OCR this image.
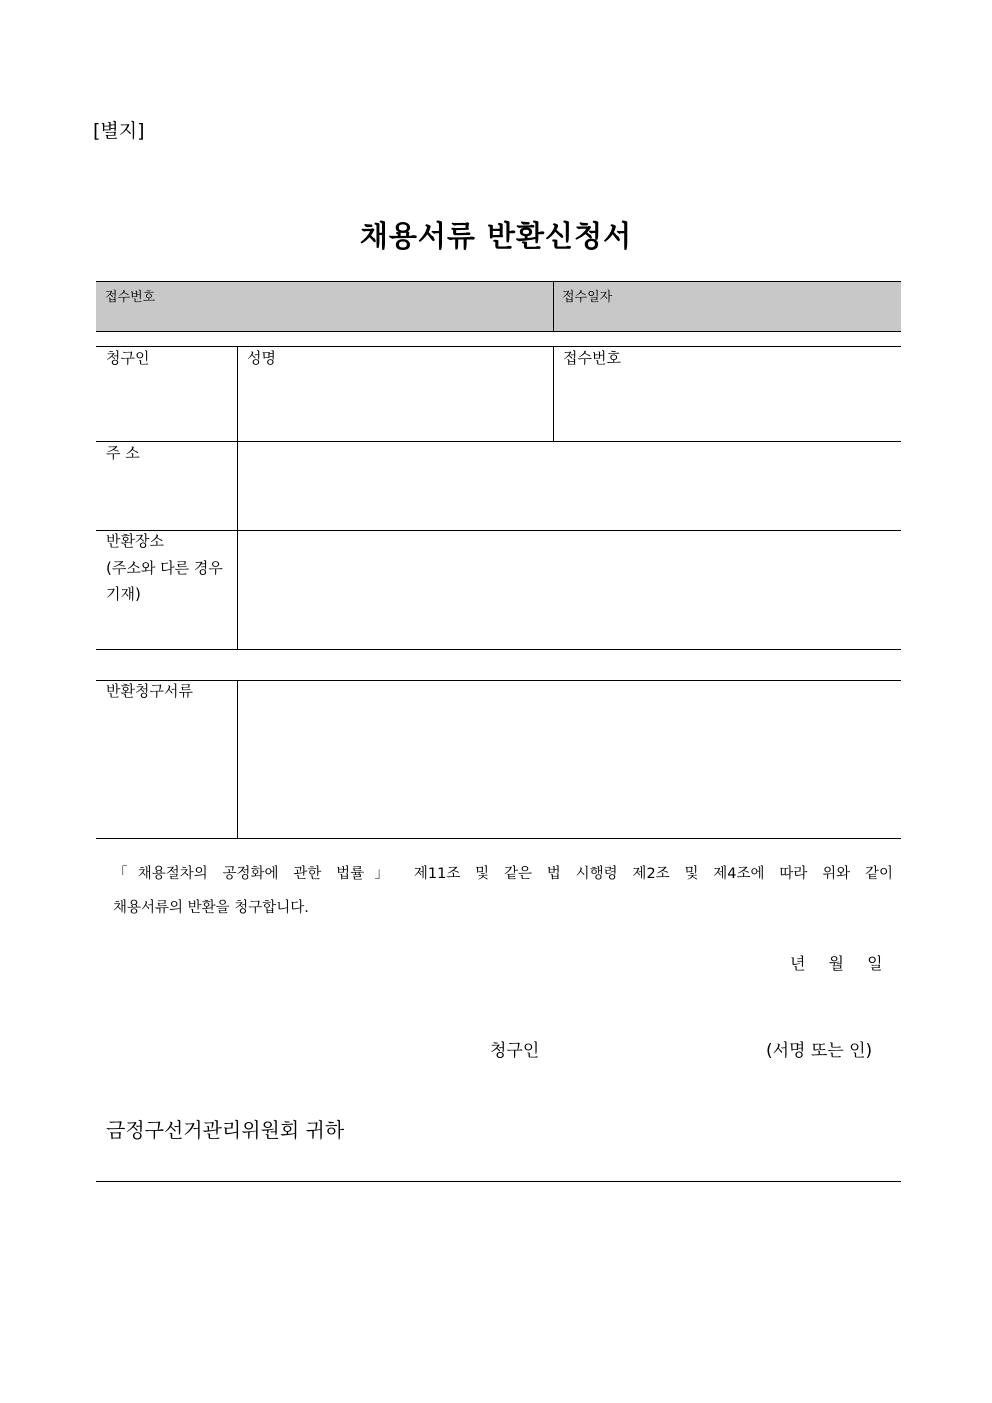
[별지]
채용서류 반환신청서
접수번호	접수일자
청구인	성명	접수번호
주 소
반환장소
(주소와 다른 경우
기재)
반환청구서류
「채용절차의 공정화에 관한 법률」 제11조 및 같은 법 시행령 제2조 및 제4조에 따라 위와 같이
채용서류의 반환을 청구합니다.
년 월 일
청구인	(서명 또는 인)
금정구선거관리위원회 귀하
